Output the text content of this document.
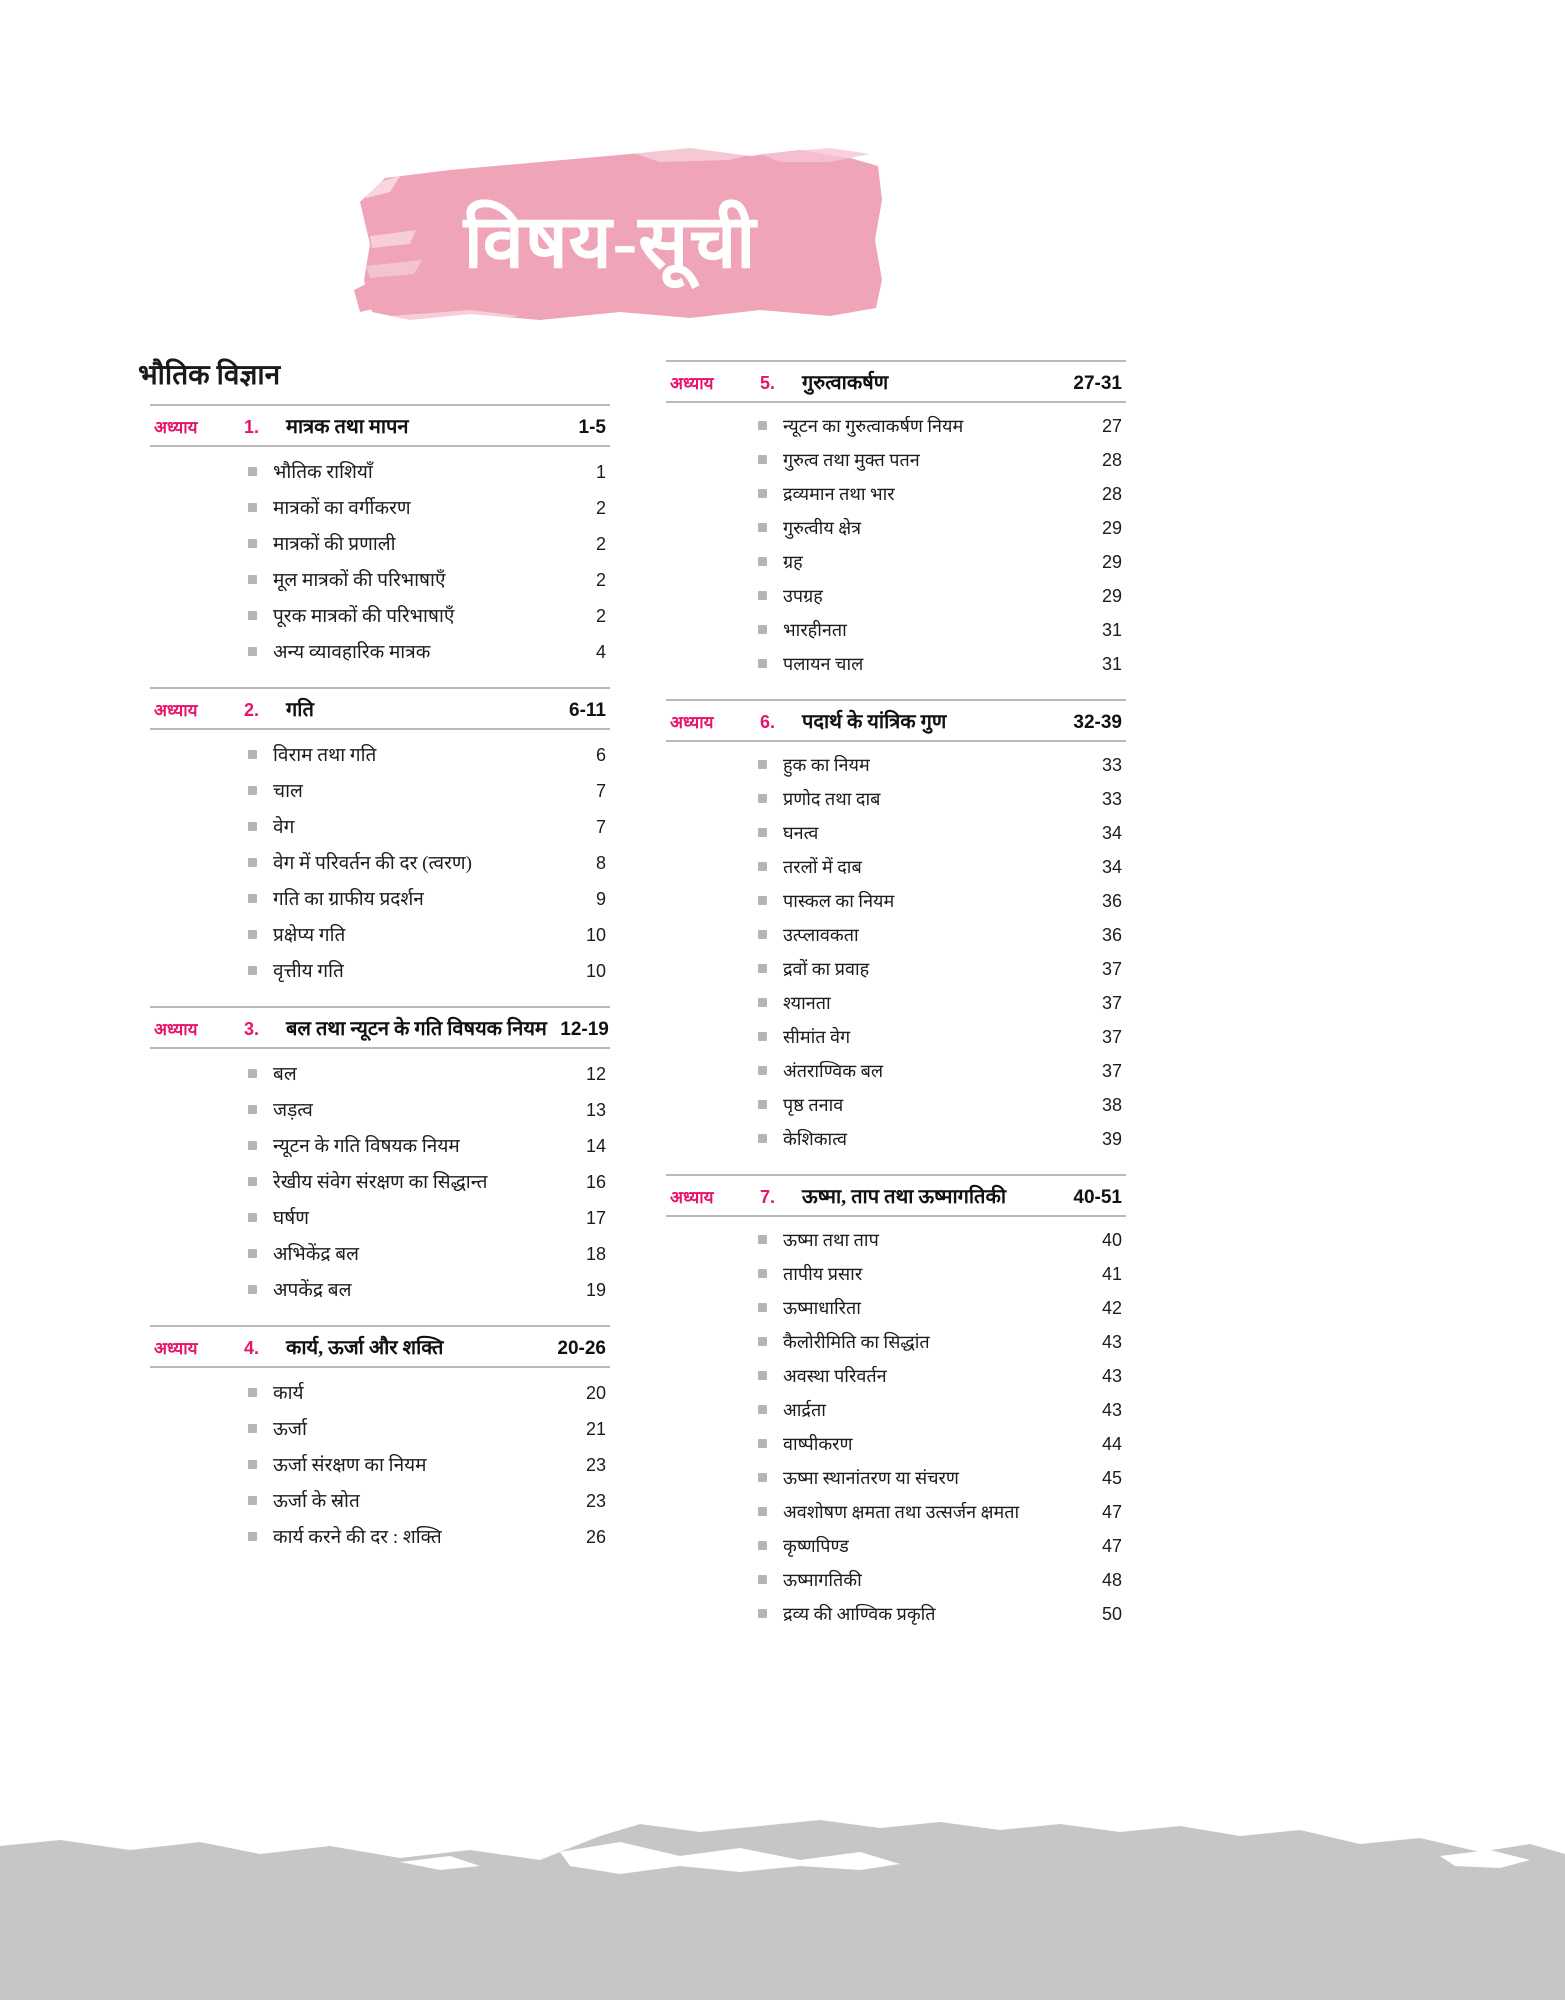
विषय-सूची
भौतिक विज्ञान
अध्याय	1.	मात्रक तथा मापन	1-5
भौतिक राशियाँ	1
मात्रकों का वर्गीकरण	2
मात्रकों की प्रणाली	2
मूल मात्रकों की परिभाषाएँ	2
पूरक मात्रकों की परिभाषाएँ	2
अन्य व्यावहारिक मात्रक	4
अध्याय	2.	गति	6-11
विराम तथा गति	6
चाल	7
वेग	7
वेग में परिवर्तन की दर (त्वरण)	8
गति का ग्राफीय प्रदर्शन	9
प्रक्षेप्य गति	10
वृत्तीय गति	10
अध्याय	3.	बल तथा न्यूटन के गति विषयक नियम 12-19
बल	12
जड़त्व	13
न्यूटन के गति विषयक नियम	14
रेखीय संवेग संरक्षण का सिद्धान्त	16
घर्षण	17
अभिकेंद्र बल	18
अपकेंद्र बल	19
अध्याय	4.	कार्य, ऊर्जा और शक्ति	20-26
कार्य	20
ऊर्जा	21
ऊर्जा संरक्षण का नियम	23
ऊर्जा के स्रोत	23
कार्य करने की दर : शक्ति	26
अध्याय	5.	गुरुत्वाकर्षण	27-31
न्यूटन का गुरुत्वाकर्षण नियम	27
गुरुत्व तथा मुक्त पतन	28
द्रव्यमान तथा भार	28
गुरुत्वीय क्षेत्र	29
ग्रह	29
उपग्रह	29
भारहीनता	31
पलायन चाल	31
अध्याय	6.	पदार्थ के यांत्रिक गुण	32-39
हुक का नियम	33
प्रणोद तथा दाब	33
घनत्व	34
तरलों में दाब	34
पास्कल का नियम	36
उत्प्लावकता	36
द्रवों का प्रवाह	37
श्यानता	37
सीमांत वेग	37
अंतराण्विक बल	37
पृष्ठ तनाव	38
केशिकात्व	39
अध्याय	7.	ऊष्मा, ताप तथा ऊष्मागतिकी	40-51
ऊष्मा तथा ताप	40
तापीय प्रसार	41
ऊष्माधारिता	42
कैलोरीमिति का सिद्धांत	43
अवस्था परिवर्तन	43
आर्द्रता	43
वाष्पीकरण	44
ऊष्मा स्थानांतरण या संचरण	45
अवशोषण क्षमता तथा उत्सर्जन क्षमता	47
कृष्णपिण्ड	47
ऊष्मागतिकी	48
द्रव्य की आण्विक प्रकृति	50
